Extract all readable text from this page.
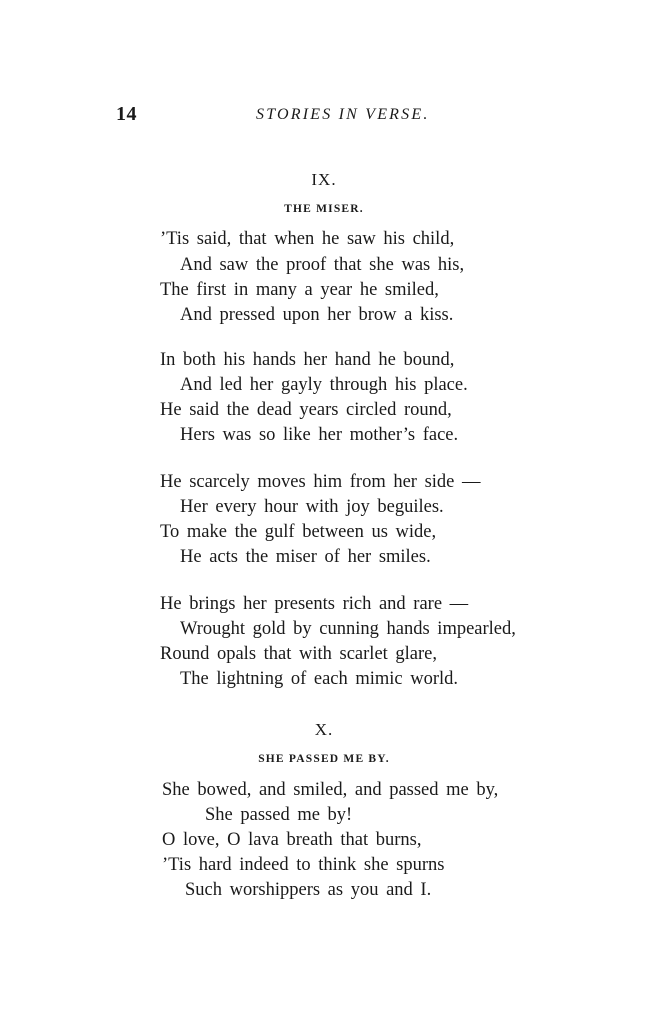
14	STORIES IN VERSE.
IX.
THE MISER.
’Tis said, that when he saw his child,
And saw the proof that she was his,
The first in many a year he smiled,
And pressed upon her brow a kiss.
In both his hands her hand he bound,
And led her gayly through his place.
He said the dead years circled round,
Hers was so like her mother’s face.
He scarcely moves him from her side —
Her every hour with joy beguiles.
To make the gulf between us wide,
He acts the miser of her smiles.
He brings her presents rich and rare —
Wrought gold by cunning hands impearled,
Round opals that with scarlet glare,
The lightning of each mimic world.
X.
SHE PASSED ME BY.
She bowed, and smiled, and passed me by,
She passed me by!
O love, O lava breath that burns,
’Tis hard indeed to think she spurns
Such worshippers as you and I.
